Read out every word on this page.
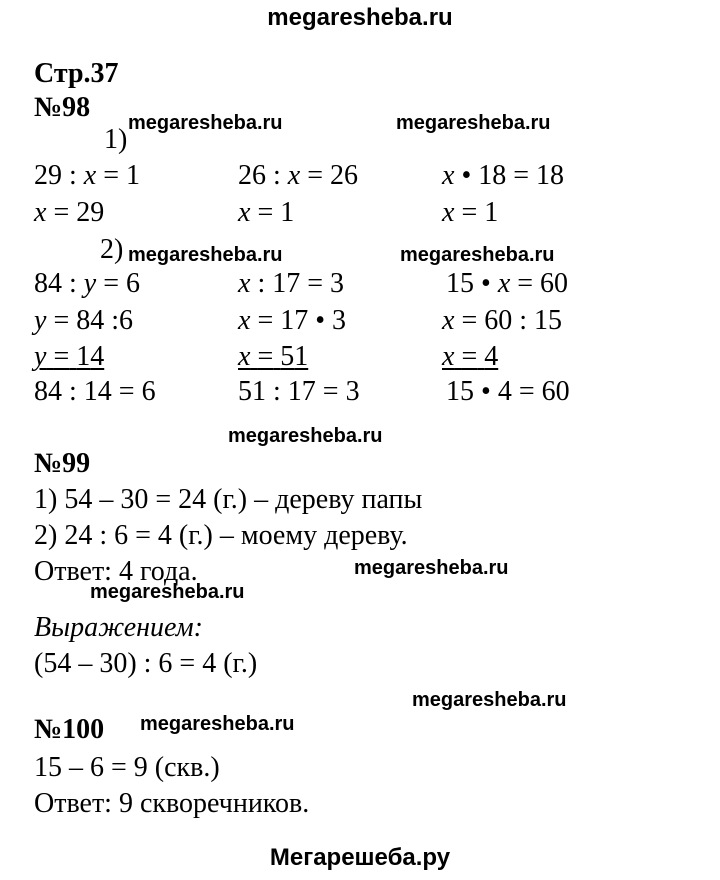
megaresheba.ru
Стр.37
№98 megaresheba.ru	megaresheba.ru
1)
29 : x = 1	26 : x = 26	x • 18 = 18
x = 29	x = 1	x = 1
2) megaresheba.ru	megaresheba.ru
84 : y = 6	x : 17 = 3	15 • x = 60
y = 84 :6	x = 17 • 3	x = 60 : 15
y = 14	x = 51	x = 4
84 : 14 = 6	51 : 17 = 3	15 • 4 = 60
megaresheba.ru
№99
1) 54 – 30 = 24 (г.) – дереву папы
2) 24 : 6 = 4 (г.) – моему дереву.
Ответ: 4 года.	megaresheba.ru
megaresheba.ru
Выражением:
(54 – 30) : 6 = 4 (г.)
megaresheba.ru
№100 megaresheba.ru
15 – 6 = 9 (скв.)
Ответ: 9 скворечников.
Мегарешеба.ру
